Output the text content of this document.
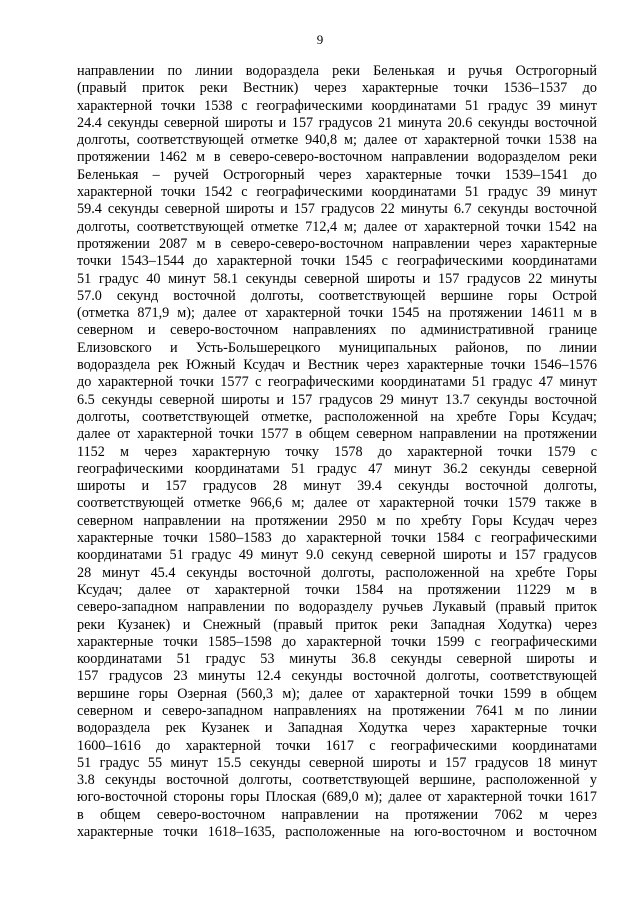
9
направлении по линии водораздела реки Беленькая и ручья Острогорный
(правый приток реки Вестник) через характерные точки 1536–1537 до
характерной точки 1538 с географическими координатами 51 градус 39 минут
24.4 секунды северной широты и 157 градусов 21 минута 20.6 секунды восточной
долготы, соответствующей отметке 940,8 м; далее от характерной точки 1538 на
протяжении 1462 м в северо-северо-восточном направлении водоразделом реки
Беленькая – ручей Острогорный через характерные точки 1539–1541 до
характерной точки 1542 с географическими координатами 51 градус 39 минут
59.4 секунды северной широты и 157 градусов 22 минуты 6.7 секунды восточной
долготы, соответствующей отметке 712,4 м; далее от характерной точки 1542 на
протяжении 2087 м в северо-северо-восточном направлении через характерные
точки 1543–1544 до характерной точки 1545 с географическими координатами
51 градус 40 минут 58.1 секунды северной широты и 157 градусов 22 минуты
57.0 секунд восточной долготы, соответствующей вершине горы Острой
(отметка 871,9 м); далее от характерной точки 1545 на протяжении 14611 м в
северном и северо-восточном направлениях по административной границе
Елизовского и Усть-Большерецкого муниципальных районов, по линии
водораздела рек Южный Ксудач и Вестник через характерные точки 1546–1576
до характерной точки 1577 с географическими координатами 51 градус 47 минут
6.5 секунды северной широты и 157 градусов 29 минут 13.7 секунды восточной
долготы, соответствующей отметке, расположенной на хребте Горы Ксудач;
далее от характерной точки 1577 в общем северном направлении на протяжении
1152 м через характерную точку 1578 до характерной точки 1579 с
географическими координатами 51 градус 47 минут 36.2 секунды северной
широты и 157 градусов 28 минут 39.4 секунды восточной долготы,
соответствующей отметке 966,6 м; далее от характерной точки 1579 также в
северном направлении на протяжении 2950 м по хребту Горы Ксудач через
характерные точки 1580–1583 до характерной точки 1584 с географическими
координатами 51 градус 49 минут 9.0 секунд северной широты и 157 градусов
28 минут 45.4 секунды восточной долготы, расположенной на хребте Горы
Ксудач; далее от характерной точки 1584 на протяжении 11229 м в
северо-западном направлении по водоразделу ручьев Лукавый (правый приток
реки Кузанек) и Снежный (правый приток реки Западная Ходутка) через
характерные точки 1585–1598 до характерной точки 1599 с географическими
координатами 51 градус 53 минуты 36.8 секунды северной широты и
157 градусов 23 минуты 12.4 секунды восточной долготы, соответствующей
вершине горы Озерная (560,3 м); далее от характерной точки 1599 в общем
северном и северо-западном направлениях на протяжении 7641 м по линии
водораздела рек Кузанек и Западная Ходутка через характерные точки
1600–1616 до характерной точки 1617 с географическими координатами
51 градус 55 минут 15.5 секунды северной широты и 157 градусов 18 минут
3.8 секунды восточной долготы, соответствующей вершине, расположенной у
юго-восточной стороны горы Плоская (689,0 м); далее от характерной точки 1617
в общем северо-восточном направлении на протяжении 7062 м через
характерные точки 1618–1635, расположенные на юго-восточном и восточном
